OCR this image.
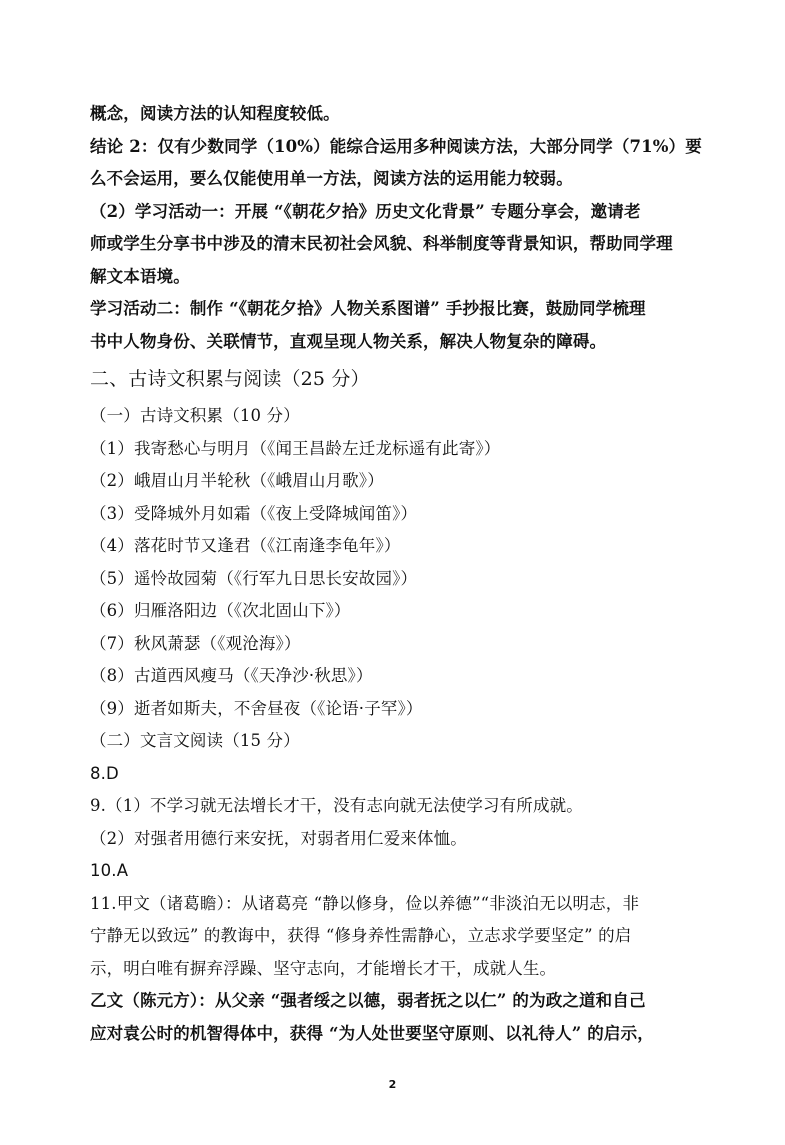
概念，阅读方法的认知程度较低。
结论 2：仅有少数同学（10%）能综合运用多种阅读方法，大部分同学（71%）要
么不会运用，要么仅能使用单一方法，阅读方法的运用能力较弱。
（2）学习活动一：开展 “《朝花夕拾》历史文化背景” 专题分享会，邀请老
师或学生分享书中涉及的清末民初社会风貌、科举制度等背景知识，帮助同学理
解文本语境。
学习活动二：制作 “《朝花夕拾》人物关系图谱” 手抄报比赛，鼓励同学梳理
书中人物身份、关联情节，直观呈现人物关系，解决人物复杂的障碍。
二、古诗文积累与阅读（25 分）
（一）古诗文积累（10 分）
（1）我寄愁心与明月（《闻王昌龄左迁龙标遥有此寄》）
（2）峨眉山月半轮秋（《峨眉山月歌》）
（3）受降城外月如霜（《夜上受降城闻笛》）
（4）落花时节又逢君（《江南逢李龟年》）
（5）遥怜故园菊（《行军九日思长安故园》）
（6）归雁洛阳边（《次北固山下》）
（7）秋风萧瑟（《观沧海》）
（8）古道西风瘦马（《天净沙·秋思》）
（9）逝者如斯夫，不舍昼夜（《论语·子罕》）
（二）文言文阅读（15 分）
8.D
9.（1）不学习就无法增长才干，没有志向就无法使学习有所成就。
（2）对强者用德行来安抚，对弱者用仁爱来体恤。
10.A
11.甲文（诸葛瞻）：从诸葛亮 “静以修身，俭以养德”“非淡泊无以明志，非
宁静无以致远” 的教诲中，获得 “修身养性需静心，立志求学要坚定” 的启
示，明白唯有摒弃浮躁、坚守志向，才能增长才干，成就人生。
乙文（陈元方）：从父亲 “强者绥之以德，弱者抚之以仁” 的为政之道和自己
应对袁公时的机智得体中，获得 “为人处世要坚守原则、以礼待人” 的启示，
2
